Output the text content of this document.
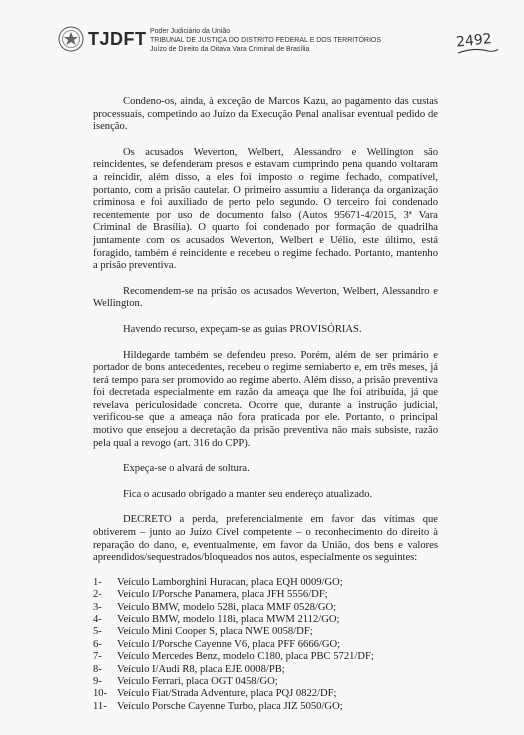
TJDFT Poder Judiciário da União
TRIBUNAL DE JUSTIÇA DO DISTRITO FEDERAL E DOS TERRITÓRIOS
Juízo de Direito da Oitava Vara Criminal de Brasília	2492

Condeno-os, ainda, à exceção de Marcos Kazu, ao pagamento das custas processuais, competindo ao Juízo da Execução Penal analisar eventual pedido de isenção.

Os acusados Weverton, Welbert, Alessandro e Wellington são reincidentes, se defenderam presos e estavam cumprindo pena quando voltaram a reincidir, além disso, a eles foi imposto o regime fechado, compatível, portanto, com a prisão cautelar. O primeiro assumiu a liderança da organização criminosa e foi auxiliado de perto pelo segundo. O terceiro foi condenado recentemente por uso de documento falso (Autos 95671-4/2015, 3ª Vara Criminal de Brasília). O quarto foi condenado por formação de quadrilha juntamente com os acusados Weverton, Welbert e Uélio, este último, está foragido, também é reincidente e recebeu o regime fechado. Portanto, mantenho a prisão preventiva.

Recomendem-se na prisão os acusados Weverton, Welbert, Alessandro e Wellington.

Havendo recurso, expeçam-se as guias PROVISÓRIAS.

Hildegarde também se defendeu preso. Porém, além de ser primário e portador de bons antecedentes, recebeu o regime semiaberto e, em três meses, já terá tempo para ser promovido ao regime aberto. Além disso, a prisão preventiva foi decretada especialmente em razão da ameaça que lhe foi atribuída, já que revelava periculosidade concreta. Ocorre que, durante a instrução judicial, verificou-se que a ameaça não fora praticada por ele. Portanto, o principal motivo que ensejou a decretação da prisão preventiva não mais subsiste, razão pela qual a revogo (art. 316 do CPP).

Expeça-se o alvará de soltura.

Fica o acusado obrigado a manter seu endereço atualizado.

DECRETO a perda, preferencialmente em favor das vítimas que obtiverem – junto ao Juízo Cível competente – o reconhecimento do direito à reparação do dano, e, eventualmente, em favor da União, dos bens e valores apreendidos/sequestrados/bloqueados nos autos, especialmente os seguintes:

1-	Veículo Lamborghini Huracan, placa EQH 0009/GO;
2-	Veículo I/Porsche Panamera, placa JFH 5556/DF;
3-	Veículo BMW, modelo 528i, placa MMF 0528/GO;
4-	Veículo BMW, modelo 118i, placa MWM 2112/GO;
5-	Veículo Mini Cooper S, placa NWE 0058/DF;
6-	Veículo I/Porsche Cayenne V6, placa PFF 6666/GO;
7-	Veículo Mercedes Benz, modelo C180, placa PBC 5721/DF;
8-	Veículo I/Audi R8, placa EJE 0008/PB;
9-	Veículo Ferrari, placa OGT 0458/GO;
10- Veículo Fiat/Strada Adventure, placa PQJ 0822/DF;
11- Veículo Porsche Cayenne Turbo, placa JIZ 5050/GO;
